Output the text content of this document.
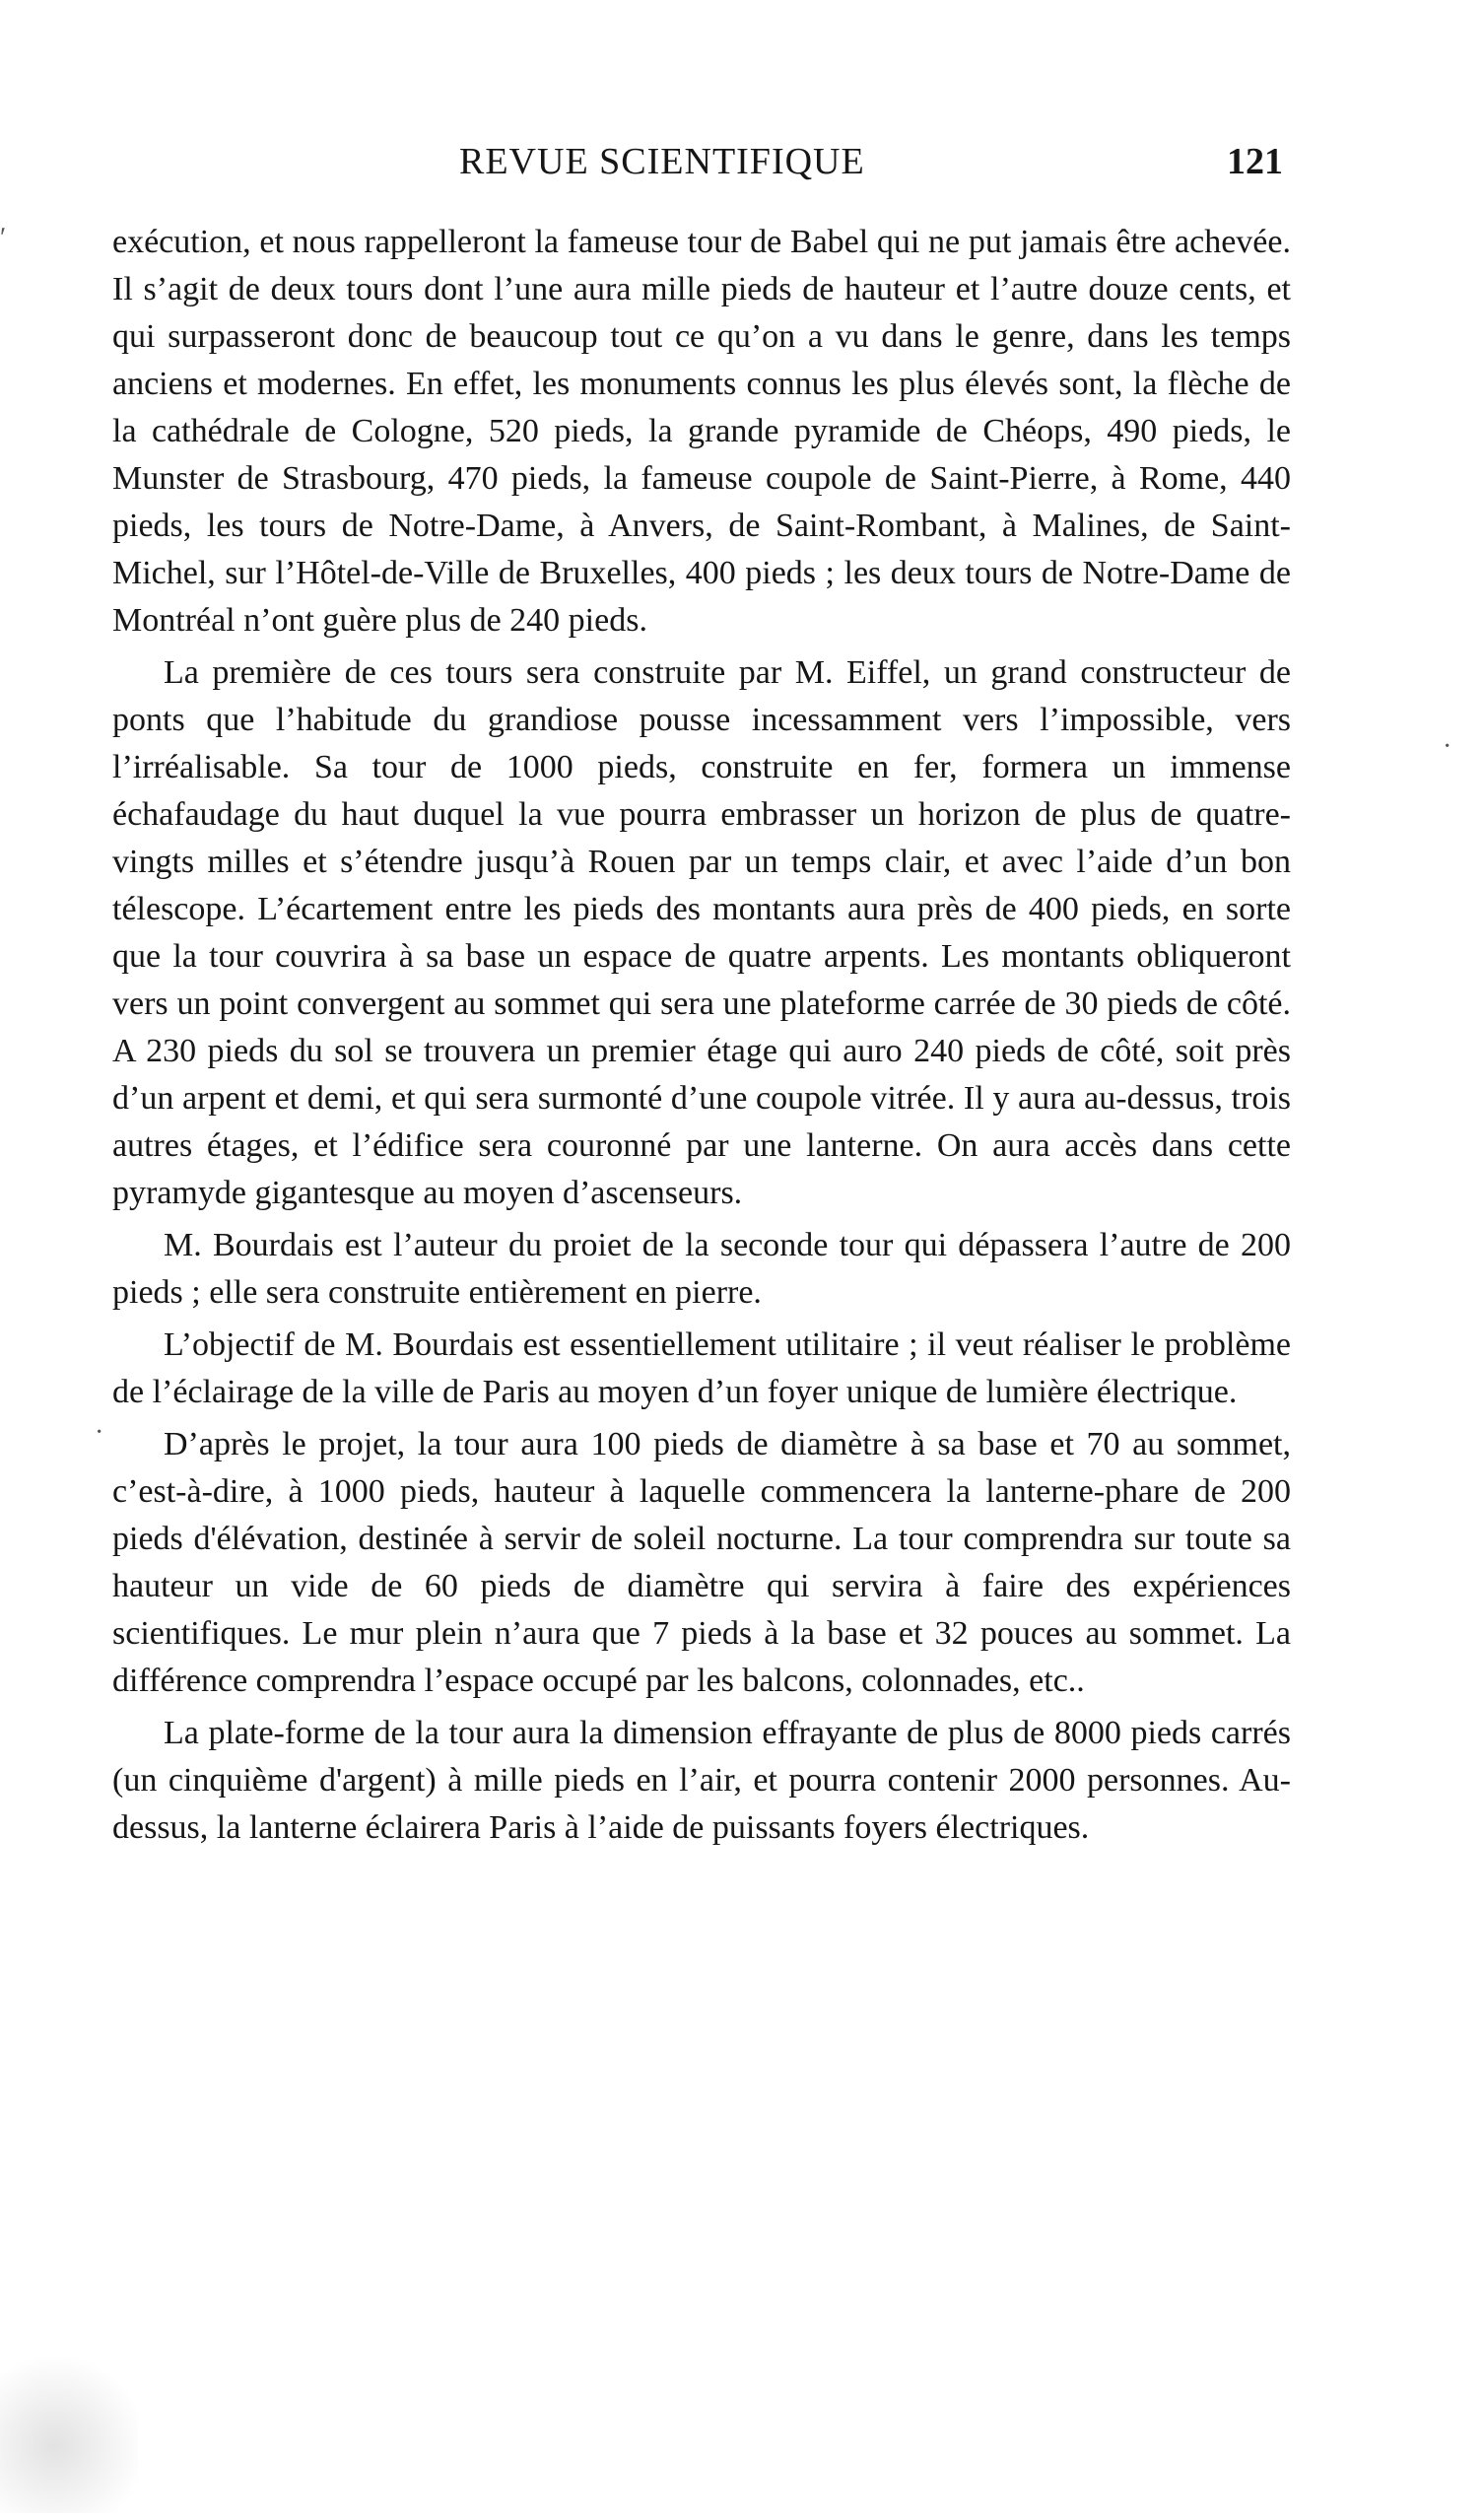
REVUE SCIENTIFIQUE	121
ʹ
·
·

exécution, et nous rappelleront la fameuse tour de Babel qui ne put jamais être achevée. Il s’agit de deux tours dont l’une aura mille pieds de hauteur et l’autre douze cents, et qui surpasseront donc de beaucoup tout ce qu’on a vu dans le genre, dans les temps anciens et modernes. En effet, les monuments connus les plus élevés sont, la flèche de la cathédrale de Cologne, 520 pieds, la grande pyramide de Chéops, 490 pieds, le Munster de Strasbourg, 470 pieds, la fameuse coupole de Saint-Pierre, à Rome, 440 pieds, les tours de Notre-Dame, à Anvers, de Saint-Rombant, à Malines, de Saint-Michel, sur l’Hôtel-de-Ville de Bruxelles, 400 pieds ; les deux tours de Notre-Dame de Montréal n’ont guère plus de 240 pieds.

La première de ces tours sera construite par M. Eiffel, un grand constructeur de ponts que l’habitude du grandiose pousse incessamment vers l’impossible, vers l’irréalisable. Sa tour de 1000 pieds, construite en fer, formera un immense échafaudage du haut duquel la vue pourra embrasser un horizon de plus de quatre-vingts milles et s’étendre jusqu’à Rouen par un temps clair, et avec l’aide d’un bon télescope. L’écartement entre les pieds des montants aura près de 400 pieds, en sorte que la tour couvrira à sa base un espace de quatre arpents. Les montants obliqueront vers un point convergent au sommet qui sera une plateforme carrée de 30 pieds de côté. A 230 pieds du sol se trouvera un premier étage qui auro 240 pieds de côté, soit près d’un arpent et demi, et qui sera surmonté d’une coupole vitrée. Il y aura au-dessus, trois autres étages, et l’édifice sera couronné par une lanterne. On aura accès dans cette pyramyde gigantesque au moyen d’ascenseurs.

M. Bourdais est l’auteur du proiet de la seconde tour qui dépassera l’autre de 200 pieds ; elle sera construite entièrement en pierre.

L’objectif de M. Bourdais est essentiellement utilitaire ; il veut réaliser le problème de l’éclairage de la ville de Paris au moyen d’un foyer unique de lumière électrique.

D’après le projet, la tour aura 100 pieds de diamètre à sa base et 70 au sommet, c’est-à-dire, à 1000 pieds, hauteur à laquelle commencera la lanterne-phare de 200 pieds d'élévation, destinée à servir de soleil nocturne. La tour comprendra sur toute sa hauteur un vide de 60 pieds de diamètre qui servira à faire des expériences scientifiques. Le mur plein n’aura que 7 pieds à la base et 32 pouces au sommet. La différence comprendra l’espace occupé par les balcons, colonnades, etc..

La plate-forme de la tour aura la dimension effrayante de plus de 8000 pieds carrés (un cinquième d'argent) à mille pieds en l’air, et pourra contenir 2000 personnes. Au-dessus, la lanterne éclairera Paris à l’aide de puissants foyers électriques.
